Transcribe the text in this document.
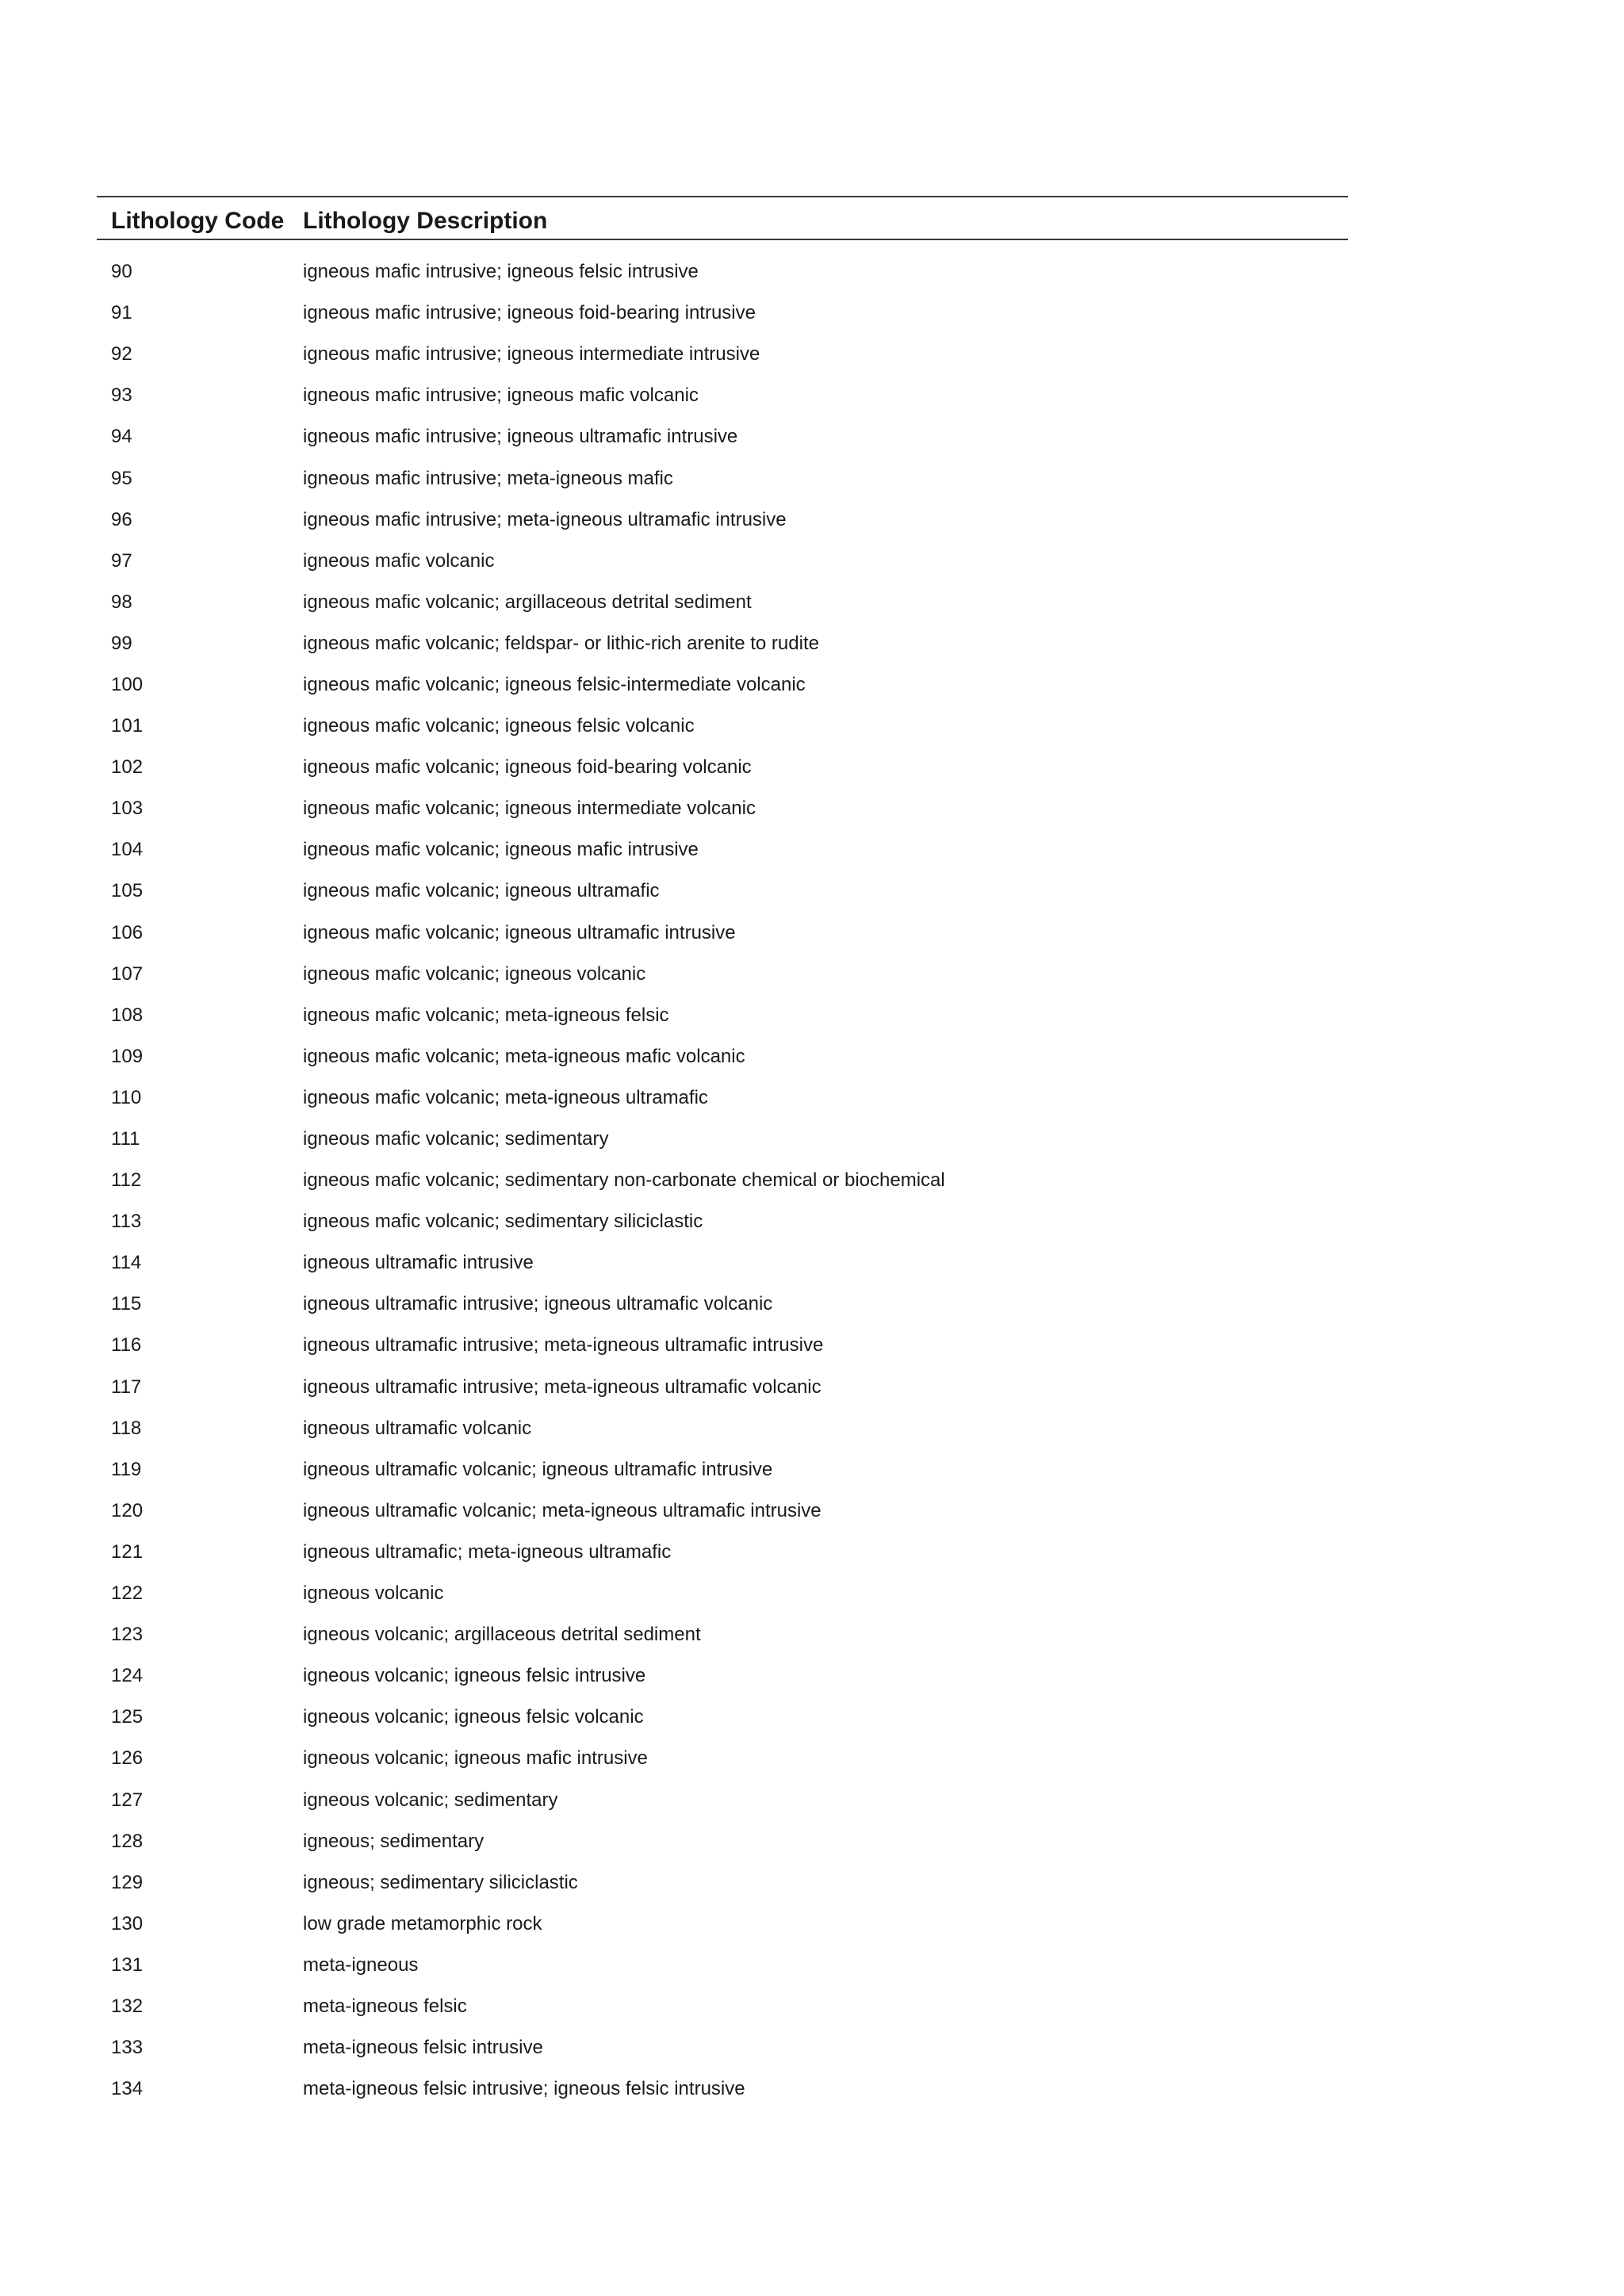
Lithology Code Lithology Description
90	igneous mafic intrusive; igneous felsic intrusive
91	igneous mafic intrusive; igneous foid-bearing intrusive
92	igneous mafic intrusive; igneous intermediate intrusive
93	igneous mafic intrusive; igneous mafic volcanic
94	igneous mafic intrusive; igneous ultramafic intrusive
95	igneous mafic intrusive; meta-igneous mafic
96	igneous mafic intrusive; meta-igneous ultramafic intrusive
97	igneous mafic volcanic
98	igneous mafic volcanic; argillaceous detrital sediment
99	igneous mafic volcanic; feldspar- or lithic-rich arenite to rudite
100	igneous mafic volcanic; igneous felsic-intermediate volcanic
101	igneous mafic volcanic; igneous felsic volcanic
102	igneous mafic volcanic; igneous foid-bearing volcanic
103	igneous mafic volcanic; igneous intermediate volcanic
104	igneous mafic volcanic; igneous mafic intrusive
105	igneous mafic volcanic; igneous ultramafic
106	igneous mafic volcanic; igneous ultramafic intrusive
107	igneous mafic volcanic; igneous volcanic
108	igneous mafic volcanic; meta-igneous felsic
109	igneous mafic volcanic; meta-igneous mafic volcanic
110	igneous mafic volcanic; meta-igneous ultramafic
111	igneous mafic volcanic; sedimentary
112	igneous mafic volcanic; sedimentary non-carbonate chemical or biochemical
113	igneous mafic volcanic; sedimentary siliciclastic
114	igneous ultramafic intrusive
115	igneous ultramafic intrusive; igneous ultramafic volcanic
116	igneous ultramafic intrusive; meta-igneous ultramafic intrusive
117	igneous ultramafic intrusive; meta-igneous ultramafic volcanic
118	igneous ultramafic volcanic
119	igneous ultramafic volcanic; igneous ultramafic intrusive
120	igneous ultramafic volcanic; meta-igneous ultramafic intrusive
121	igneous ultramafic; meta-igneous ultramafic
122	igneous volcanic
123	igneous volcanic; argillaceous detrital sediment
124	igneous volcanic; igneous felsic intrusive
125	igneous volcanic; igneous felsic volcanic
126	igneous volcanic; igneous mafic intrusive
127	igneous volcanic; sedimentary
128	igneous; sedimentary
129	igneous; sedimentary siliciclastic
130	low grade metamorphic rock
131	meta-igneous
132	meta-igneous felsic
133	meta-igneous felsic intrusive
134	meta-igneous felsic intrusive; igneous felsic intrusive
